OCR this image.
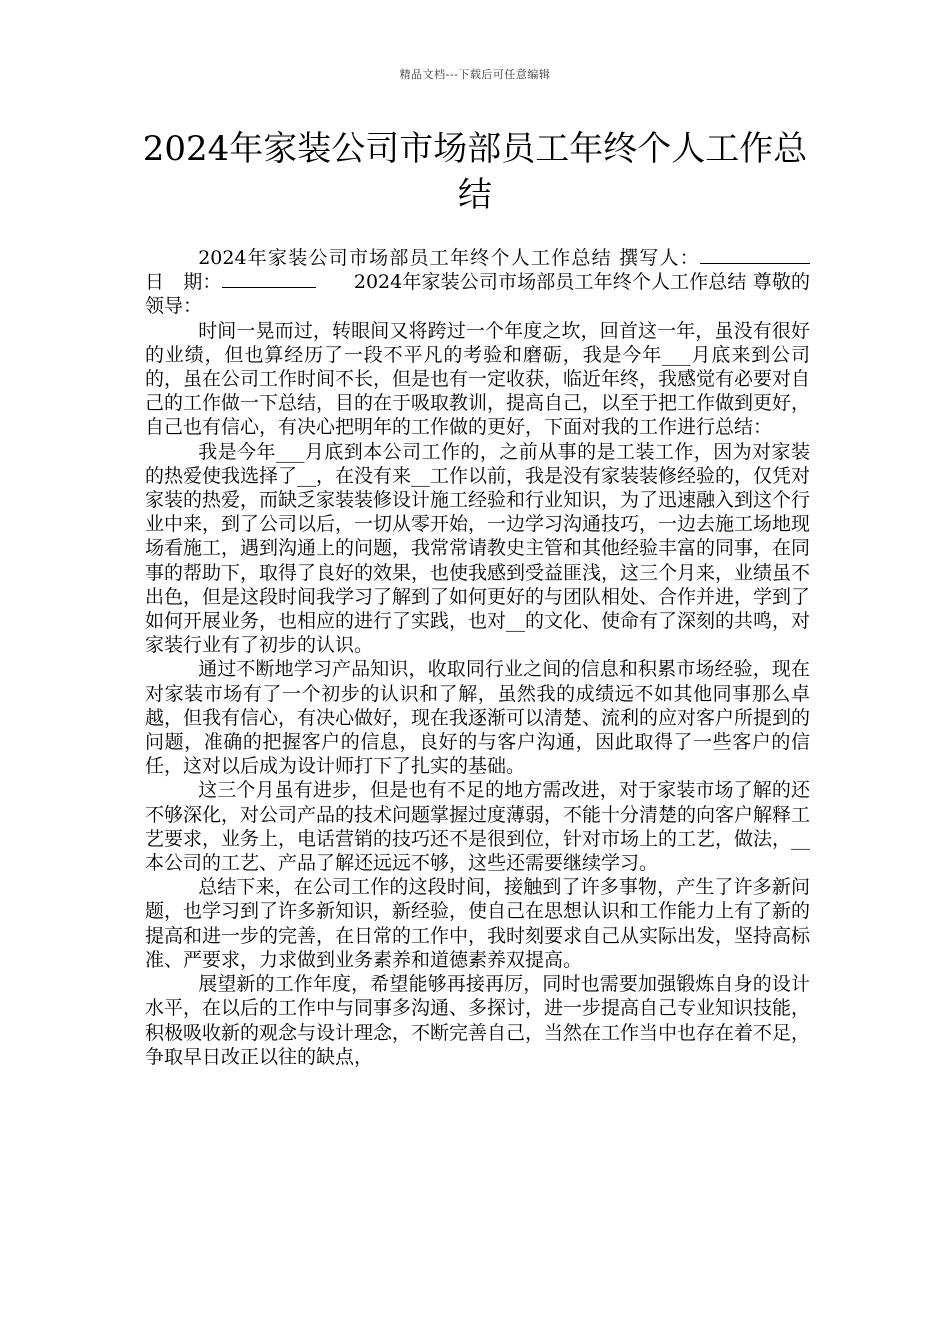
精品文档---下载后可任意编辑
2024年家装公司市场部员工年终个人工作总结

2024年家装公司市场部员工年终个人工作总结 撰写人：　日　期：　　	2024年家装公司市场部员工年终个人工作总结 尊敬的领导：

时间一晃而过，转眼间又将跨过一个年度之坎，回首这一年，虽没有很好的业绩，但也算经历了一段不平凡的考验和磨砺，我是今年___月底来到公司的，虽在公司工作时间不长，但是也有一定收获，临近年终，我感觉有必要对自己的工作做一下总结，目的在于吸取教训，提高自己，以至于把工作做到更好，自己也有信心，有决心把明年的工作做的更好，下面对我的工作进行总结：

我是今年___月底到本公司工作的，之前从事的是工装工作，因为对家装的热爱使我选择了__，在没有来__工作以前，我是没有家装装修经验的，仅凭对家装的热爱，而缺乏家装装修设计施工经验和行业知识，为了迅速融入到这个行业中来，到了公司以后，一切从零开始，一边学习沟通技巧，一边去施工场地现场看施工，遇到沟通上的问题，我常常请教史主管和其他经验丰富的同事，在同事的帮助下，取得了良好的效果，也使我感到受益匪浅，这三个月来，业绩虽不出色，但是这段时间我学习了解到了如何更好的与团队相处、合作并进，学到了如何开展业务，也相应的进行了实践，也对__的文化、使命有了深刻的共鸣，对家装行业有了初步的认识。

通过不断地学习产品知识，收取同行业之间的信息和积累市场经验，现在对家装市场有了一个初步的认识和了解，虽然我的成绩远不如其他同事那么卓越，但我有信心，有决心做好，现在我逐渐可以清楚、流利的应对客户所提到的问题，准确的把握客户的信息，良好的与客户沟通，因此取得了一些客户的信任，这对以后成为设计师打下了扎实的基础。

这三个月虽有进步，但是也有不足的地方需改进，对于家装市场了解的还不够深化，对公司产品的技术问题掌握过度薄弱，不能十分清楚的向客户解释工艺要求，业务上，电话营销的技巧还不是很到位，针对市场上的工艺，做法，__本公司的工艺、产品了解还远远不够，这些还需要继续学习。

总结下来，在公司工作的这段时间，接触到了许多事物，产生了许多新问题，也学习到了许多新知识，新经验，使自己在思想认识和工作能力上有了新的提高和进一步的完善，在日常的工作中，我时刻要求自己从实际出发，坚持高标准、严要求，力求做到业务素养和道德素养双提高。

展望新的工作年度，希望能够再接再厉，同时也需要加强锻炼自身的设计水平，在以后的工作中与同事多沟通、多探讨，进一步提高自己专业知识技能，积极吸收新的观念与设计理念，不断完善自己，当然在工作当中也存在着不足，争取早日改正以往的缺点，
